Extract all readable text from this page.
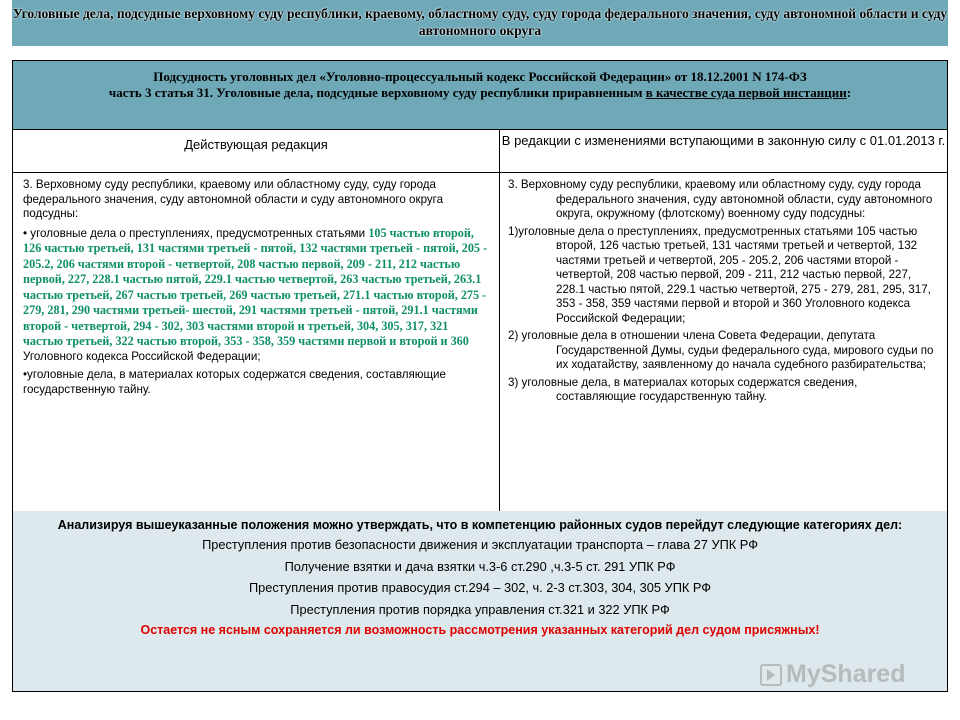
Уголовные дела, подсудные верховному суду республики, краевому, областному суду, суду города федерального значения, суду автономной области и суду автономного округа
Подсудность уголовных дел «Уголовно-процессуальный кодекс Российской Федерации» от 18.12.2001 N 174-ФЗ
часть 3 статья 31. Уголовные дела, подсудные верховному суду республики приравненным в качестве суда первой инстанции:
Действующая редакция	В редакции с изменениями вступающими в законную силу с 01.01.2013 г.

3. Верховному суду республики, краевому или областному суду, суду города федерального значения, суду автономной области и суду автономного округа подсудны:

• уголовные дела о преступлениях, предусмотренных статьями 105 частью второй, 126 частью третьей, 131 частями третьей - пятой, 132 частями третьей - пятой, 205 - 205.2, 206 частями второй - четвертой, 208 частью первой, 209 - 211, 212 частью первой, 227, 228.1 частью пятой, 229.1 частью четвертой, 263 частью третьей, 263.1 частью третьей, 267 частью третьей, 269 частью третьей, 271.1 частью второй, 275 - 279, 281, 290 частями третьей- шестой, 291 частями третьей - пятой, 291.1 частями второй - четвертой, 294 - 302, 303 частями второй и третьей, 304, 305, 317, 321 частью третьей, 322 частью второй, 353 - 358, 359 частями первой и второй и 360 Уголовного кодекса Российской Федерации;

•уголовные дела, в материалах которых содержатся сведения, составляющие государственную тайну.

3. Верховному суду республики, краевому или областному суду, суду города федерального значения, суду автономной области, суду автономного округа, окружному (флотскому) военному суду подсудны:

1)уголовные дела о преступлениях, предусмотренных статьями 105 частью второй, 126 частью третьей, 131 частями третьей и четвертой, 132 частями третьей и четвертой, 205 - 205.2, 206 частями второй - четвертой, 208 частью первой, 209 - 211, 212 частью первой, 227, 228.1 частью пятой, 229.1 частью четвертой, 275 - 279, 281, 295, 317, 353 - 358, 359 частями первой и второй и 360 Уголовного кодекса Российской Федерации;

2) уголовные дела в отношении члена Совета Федерации, депутата Государственной Думы, судьи федерального суда, мирового судьи по их ходатайству, заявленному до начала судебного разбирательства;

3) уголовные дела, в материалах которых содержатся сведения, составляющие государственную тайну.

Анализируя вышеуказанные положения можно утверждать, что в компетенцию районных судов перейдут следующие категориях дел:
Преступления против безопасности движения и эксплуатации транспорта – глава 27 УПК РФ
Получение взятки и дача взятки ч.3-6 ст.290 ,ч.3-5 ст. 291 УПК РФ
Преступления против правосудия ст.294 – 302, ч. 2-3 ст.303, 304, 305 УПК РФ
Преступления против порядка управления ст.321 и 322 УПК РФ
Остается не ясным сохраняется ли возможность рассмотрения указанных категорий дел судом присяжных!
MyShared
